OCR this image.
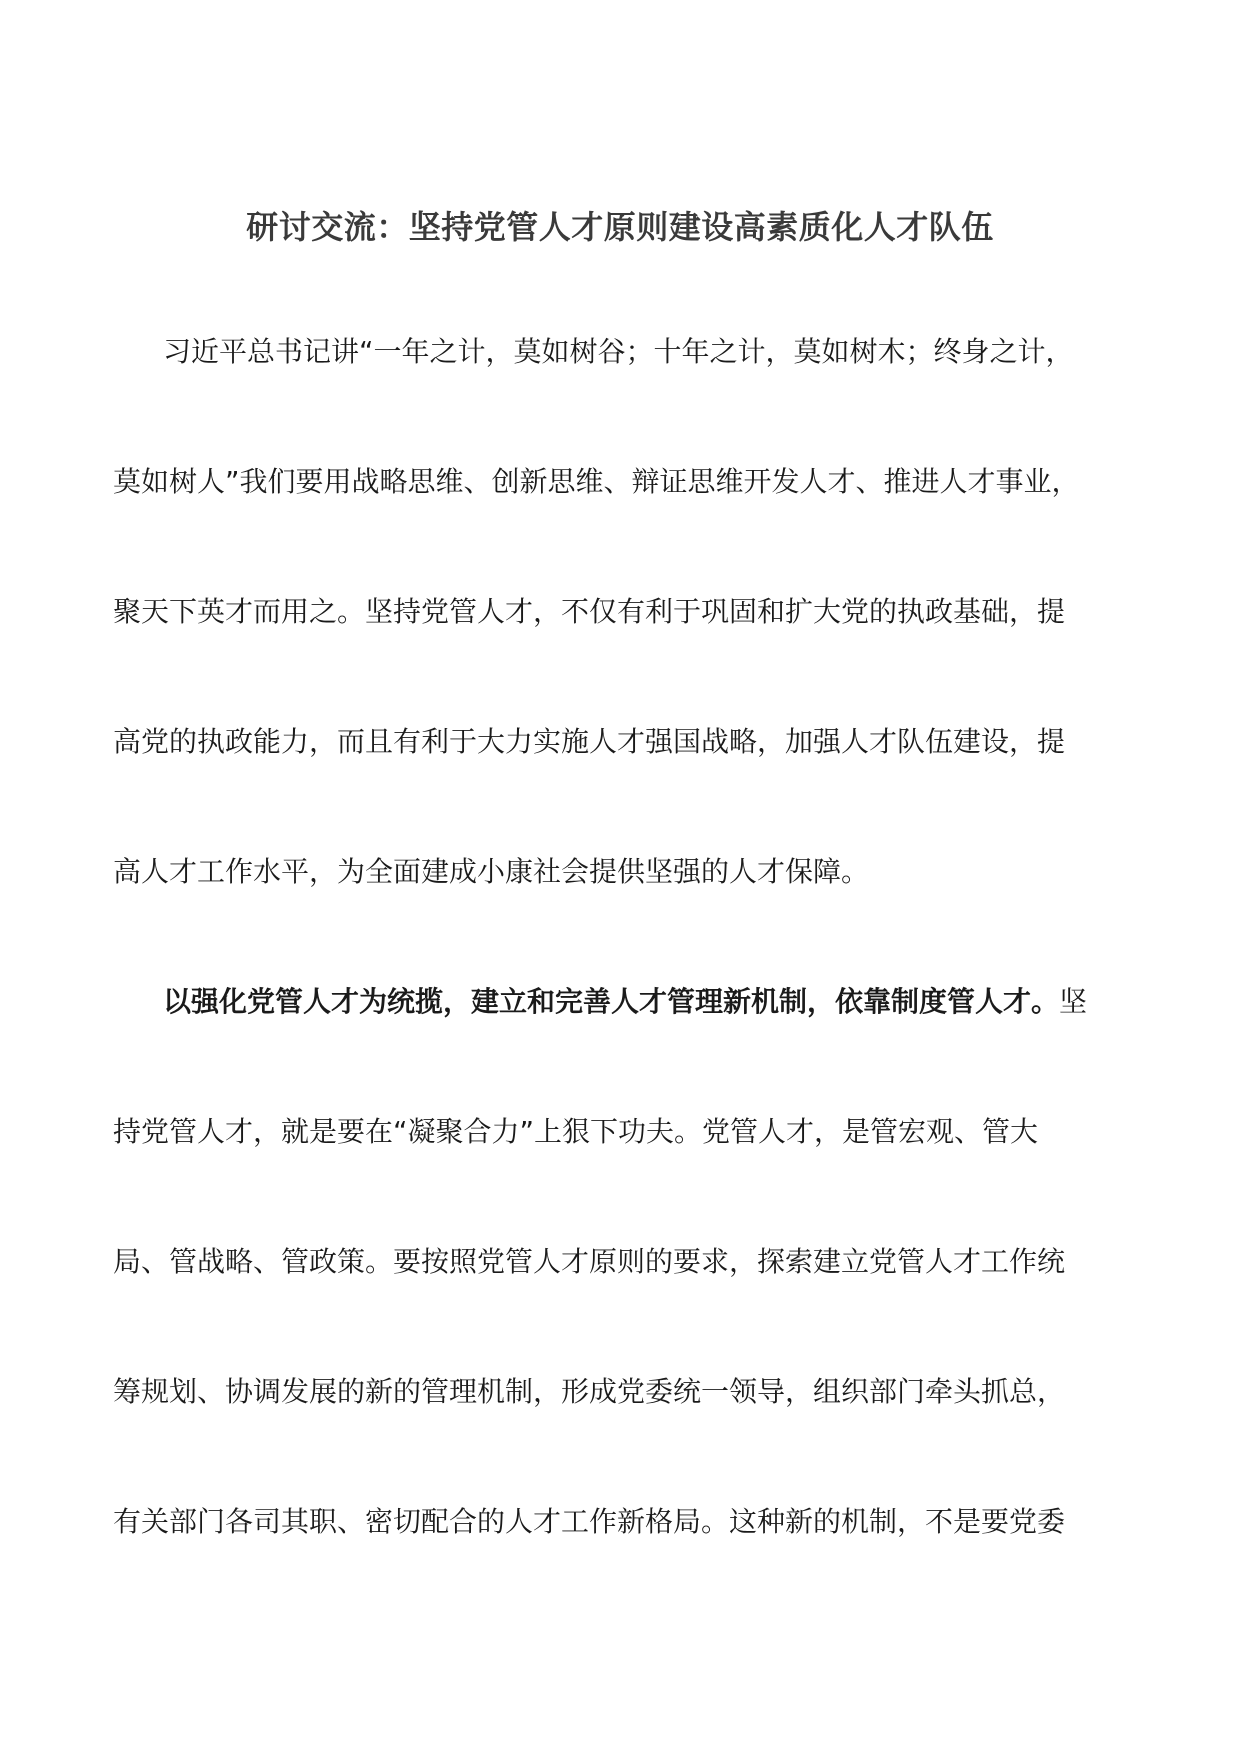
研讨交流：坚持党管人才原则建设高素质化人才队伍
习近平总书记讲“一年之计，莫如树谷；十年之计，莫如树木；终身之计，
莫如树人”我们要用战略思维、创新思维、辩证思维开发人才、推进人才事业，
聚天下英才而用之。坚持党管人才，不仅有利于巩固和扩大党的执政基础，提
高党的执政能力，而且有利于大力实施人才强国战略，加强人才队伍建设，提
高人才工作水平，为全面建成小康社会提供坚强的人才保障。
以强化党管人才为统揽，建立和完善人才管理新机制，依靠制度管人才。坚
持党管人才，就是要在“凝聚合力”上狠下功夫。党管人才，是管宏观、管大
局、管战略、管政策。要按照党管人才原则的要求，探索建立党管人才工作统
筹规划、协调发展的新的管理机制，形成党委统一领导，组织部门牵头抓总，
有关部门各司其职、密切配合的人才工作新格局。这种新的机制，不是要党委
